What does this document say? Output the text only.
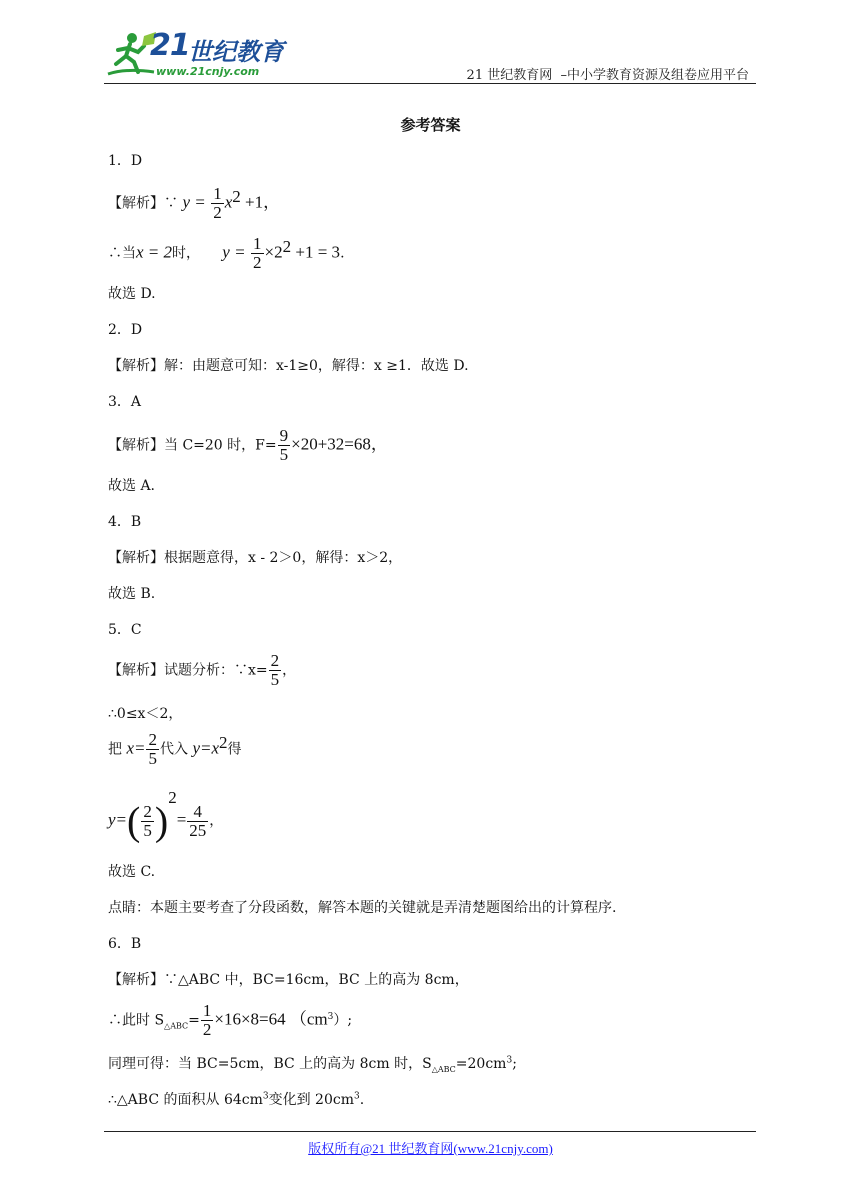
21
世纪教育
www.21cnjy.com	21 世纪教育网  –中小学教育资源及组卷应用平台
参考答案
1．D
【解析】∵ $y = \frac{1}{2} x^2 +1$，
∴当x = 2时， $y = \frac{1}{2} \times 2^2 +1 = 3$.
故选 D.
2．D
【解析】解：由题意可知：x-1≥0，解得：x ≥1．故选 D.
3．A
【解析】当 C=20 时，$F= \frac{9}{5} \times 20+32=68$，
故选 A.
4．B
【解析】根据题意得，x - 2＞0，解得：x＞2，
故选 B.
5．C
【解析】试题分析：∵x= $\frac{2}{5}$ ，
∴0≤x＜2，
把 $x= \frac{2}{5}$ 代入 $y=x^2$得
$y=( \frac{2}{5} )^2= \frac{4}{25}$ ，
故选 C.
点睛：本题主要考查了分段函数，解答本题的关键就是弄清楚题图给出的计算程序.
6．B
【解析】∵△ABC 中，BC=16cm，BC 上的高为 8cm，
∴此时 $S_{\triangle ABC}= \frac{1}{2} \times 16\times 8=64$ $(cm^3)$;
同理可得：当 BC=5cm，BC 上的高为 8cm 时，$S_{\triangle ABC}=20cm^3$;
∴△ABC 的面积从 $64cm^3$变化到 $20cm^3$.
版权所有@21 世纪教育网(www.21cnjy.com)
